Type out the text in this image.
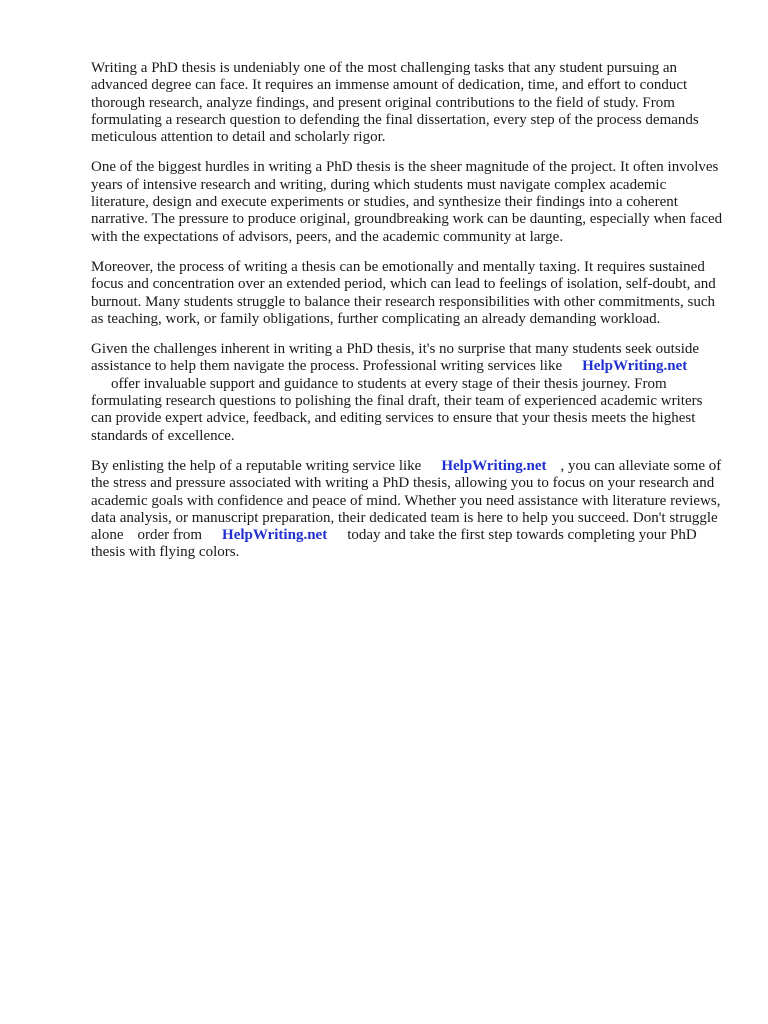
Writing a PhD thesis is undeniably one of the most challenging tasks that any student pursuing an advanced degree can face. It requires an immense amount of dedication, time, and effort to conduct thorough research, analyze findings, and present original contributions to the field of study. From formulating a research question to defending the final dissertation, every step of the process demands meticulous attention to detail and scholarly rigor.

One of the biggest hurdles in writing a PhD thesis is the sheer magnitude of the project. It often involves years of intensive research and writing, during which students must navigate complex academic literature, design and execute experiments or studies, and synthesize their findings into a coherent narrative. The pressure to produce original, groundbreaking work can be daunting, especially when faced with the expectations of advisors, peers, and the academic community at large.

Moreover, the process of writing a thesis can be emotionally and mentally taxing. It requires sustained focus and concentration over an extended period, which can lead to feelings of isolation, self-doubt, and burnout. Many students struggle to balance their research responsibilities with other commitments, such as teaching, work, or family obligations, further complicating an already demanding workload.

Given the challenges inherent in writing a PhD thesis, it's no surprise that many students seek outside assistance to help them navigate the process. Professional writing services like HelpWriting.net
offer invaluable support and guidance to students at every stage of their thesis journey. From formulating research questions to polishing the final draft, their team of experienced academic writers can provide expert advice, feedback, and editing services to ensure that your thesis meets the highest standards of excellence.

By enlisting the help of a reputable writing service like HelpWriting.net , you can alleviate some of the stress and pressure associated with writing a PhD thesis, allowing you to focus on your research and academic goals with confidence and peace of mind. Whether you need assistance with literature reviews, data analysis, or manuscript preparation, their dedicated team is here to help you succeed. Don't struggle alone order from HelpWriting.net today and take the first step towards completing your PhD thesis with flying colors.
